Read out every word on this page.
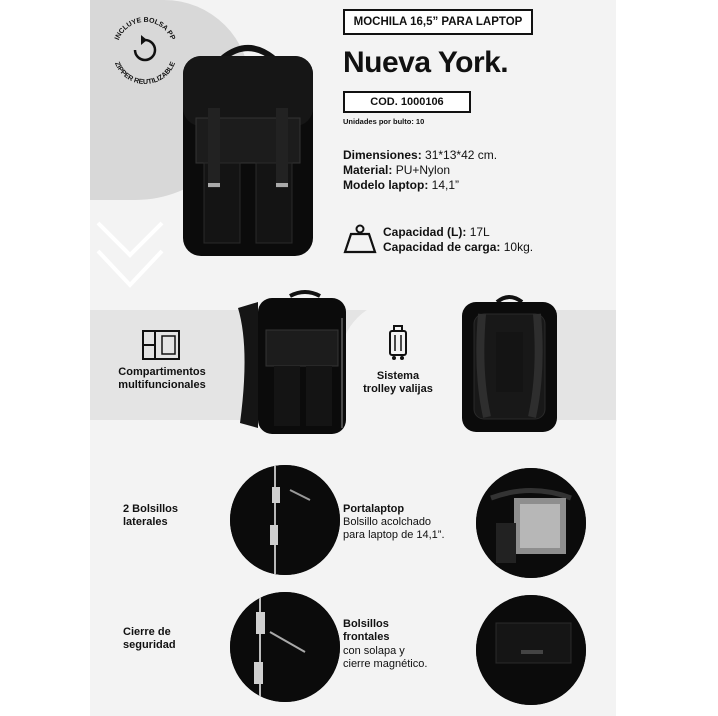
INCLUYE BOLSA PP
ZIPPER REUTILIZABLE
MOCHILA 16,5” PARA LAPTOP
Nueva York.
COD. 1000106
Unidades por bulto: 10
Dimensiones: 31*13*42 cm.
Material: PU+Nylon
Modelo laptop: 14,1”
Capacidad (L): 17L
Capacidad de carga: 10kg.
Compartimentos
multifuncionales
Sistema
trolley valijas
2 Bolsillos
laterales
Portalaptop
Bolsillo acolchado
para laptop de 14,1”.
Cierre de
seguridad
Bolsillos
frontales
con solapa y
cierre magnético.
